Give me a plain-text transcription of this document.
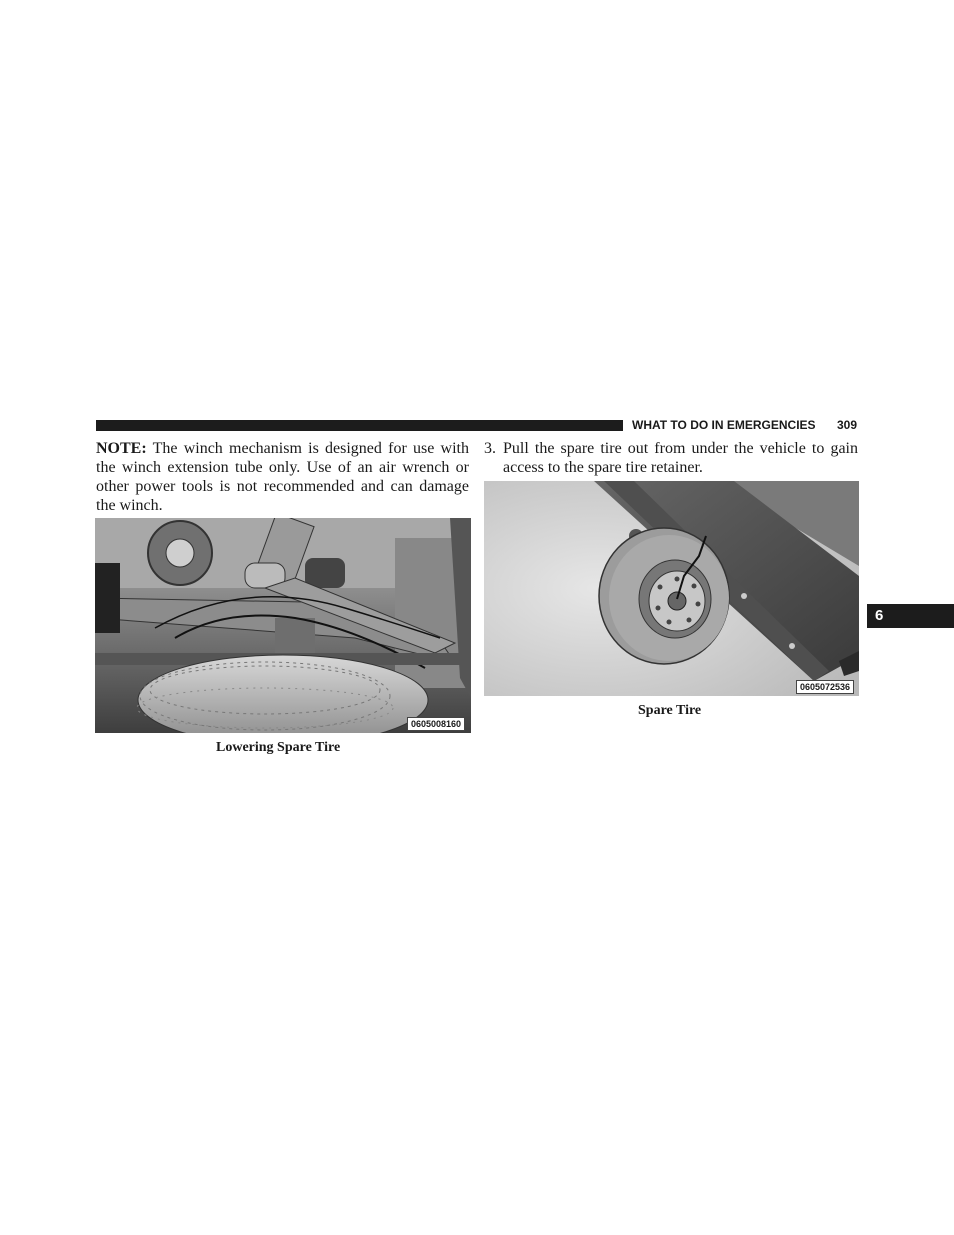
WHAT TO DO IN EMERGENCIES 309
NOTE: The winch mechanism is designed for use with the winch extension tube only. Use of an air wrench or other power tools is not recommended and can damage the winch.
3. Pull the spare tire out from under the vehicle to gain access to the spare tire retainer.
0605008160
Lowering Spare Tire
0605072536
Spare Tire
6
